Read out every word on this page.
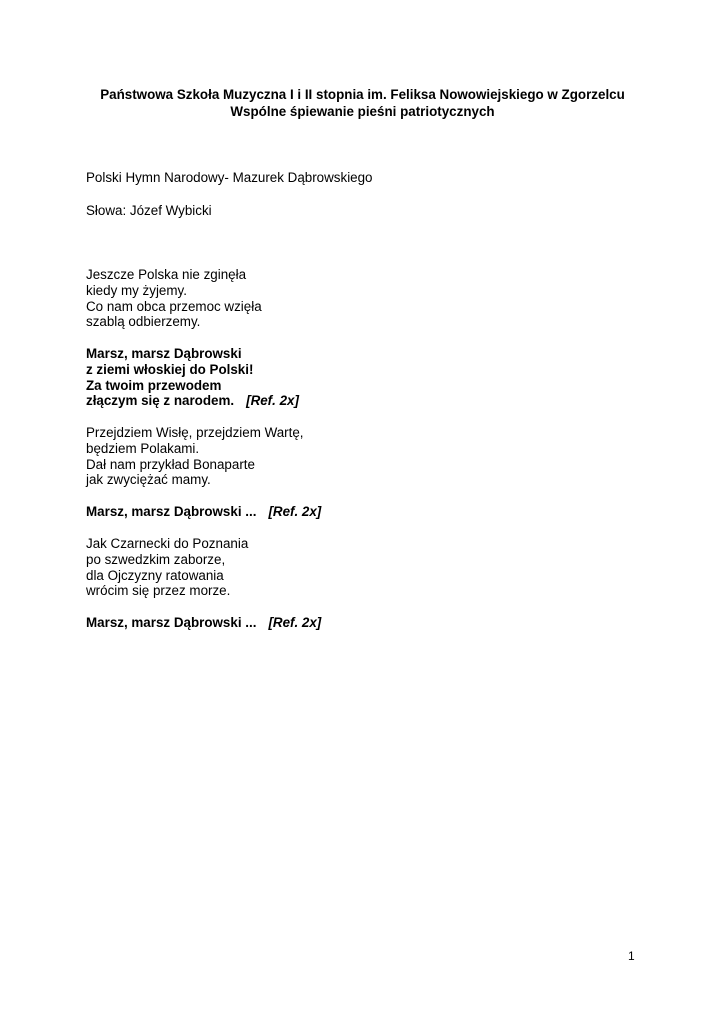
Państwowa Szkoła Muzyczna I i II stopnia im. Feliksa Nowowiejskiego w Zgorzelcu
Wspólne śpiewanie pieśni patriotycznych
Polski Hymn Narodowy- Mazurek Dąbrowskiego
Słowa: Józef Wybicki
Jeszcze Polska nie zginęła
kiedy my żyjemy.
Co nam obca przemoc wzięła
szablą odbierzemy.
Marsz, marsz Dąbrowski
z ziemi włoskiej do Polski!
Za twoim przewodem
złączym się z narodem. [Ref. 2x]
Przejdziem Wisłę, przejdziem Wartę,
będziem Polakami.
Dał nam przykład Bonaparte
jak zwyciężać mamy.
Marsz, marsz Dąbrowski ... [Ref. 2x]
Jak Czarnecki do Poznania
po szwedzkim zaborze,
dla Ojczyzny ratowania
wrócim się przez morze.
Marsz, marsz Dąbrowski ... [Ref. 2x]
1
